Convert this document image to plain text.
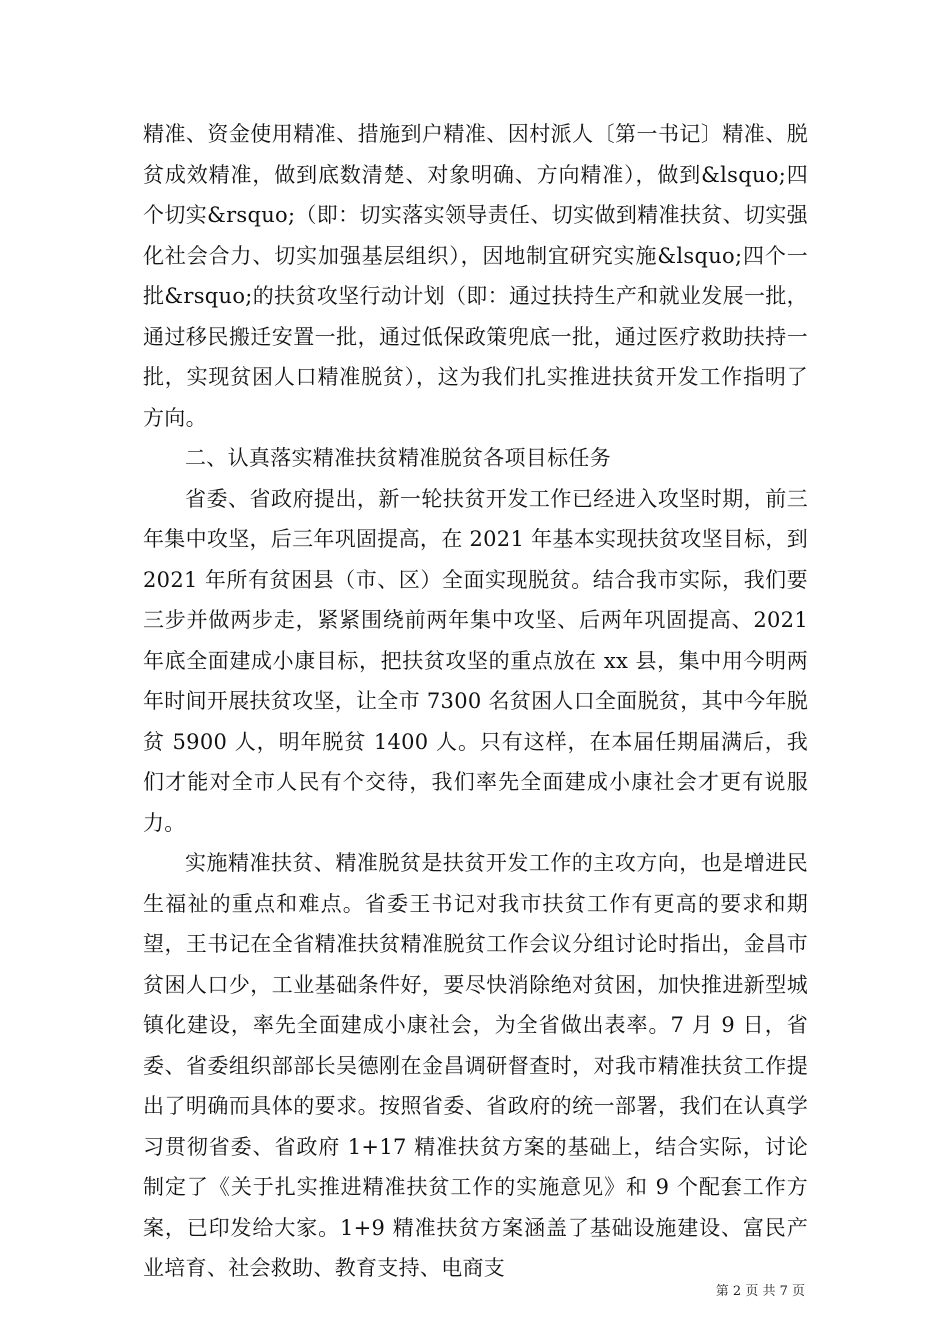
精准、资金使用精准、措施到户精准、因村派人〔第一书记〕精准、脱贫成效精准，做到底数清楚、对象明确、方向精准），做到&lsquo;四个切实&rsquo;（即：切实落实领导责任、切实做到精准扶贫、切实强化社会合力、切实加强基层组织），因地制宜研究实施&lsquo;四个一批&rsquo;的扶贫攻坚行动计划（即：通过扶持生产和就业发展一批，通过移民搬迁安置一批，通过低保政策兜底一批，通过医疗救助扶持一批，实现贫困人口精准脱贫），这为我们扎实推进扶贫开发工作指明了方向。

二、认真落实精准扶贫精准脱贫各项目标任务

省委、省政府提出，新一轮扶贫开发工作已经进入攻坚时期，前三年集中攻坚，后三年巩固提高，在 2021 年基本实现扶贫攻坚目标，到 2021 年所有贫困县（市、区）全面实现脱贫。结合我市实际，我们要三步并做两步走，紧紧围绕前两年集中攻坚、后两年巩固提高、2021 年底全面建成小康目标，把扶贫攻坚的重点放在 xx 县，集中用今明两年时间开展扶贫攻坚，让全市 7300 名贫困人口全面脱贫，其中今年脱贫 5900 人，明年脱贫 1400 人。只有这样，在本届任期届满后，我们才能对全市人民有个交待，我们率先全面建成小康社会才更有说服力。

实施精准扶贫、精准脱贫是扶贫开发工作的主攻方向，也是增进民生福祉的重点和难点。省委王书记对我市扶贫工作有更高的要求和期望，王书记在全省精准扶贫精准脱贫工作会议分组讨论时指出，金昌市贫困人口少，工业基础条件好，要尽快消除绝对贫困，加快推进新型城镇化建设，率先全面建成小康社会，为全省做出表率。7 月 9 日，省委、省委组织部部长吴德刚在金昌调研督查时，对我市精准扶贫工作提出了明确而具体的要求。按照省委、省政府的统一部署，我们在认真学习贯彻省委、省政府 1+17 精准扶贫方案的基础上，结合实际，讨论制定了《关于扎实推进精准扶贫工作的实施意见》和 9 个配套工作方案，已印发给大家。1+9 精准扶贫方案涵盖了基础设施建设、富民产业培育、社会救助、教育支持、电商支

第 2 页 共 7 页
